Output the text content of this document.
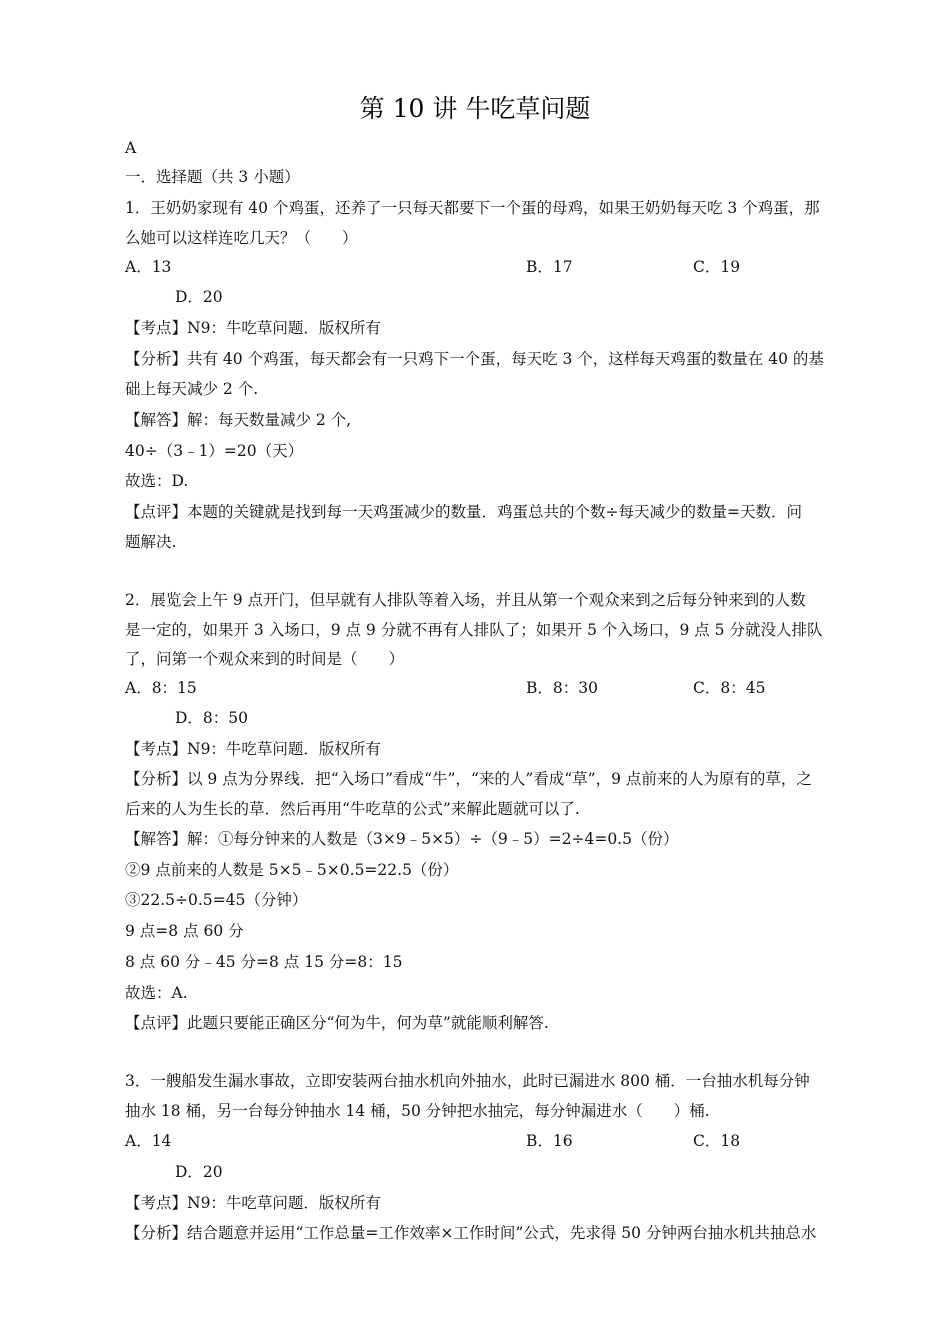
第 10 讲 牛吃草问题
A
一．选择题（共 3 小题）
1．王奶奶家现有 40 个鸡蛋，还养了一只每天都要下一个蛋的母鸡，如果王奶奶每天吃 3 个鸡蛋，那
么她可以这样连吃几天？（　　）
A．13	B．17	C．19
D．20
【考点】N9：牛吃草问题．版权所有
【分析】共有 40 个鸡蛋，每天都会有一只鸡下一个蛋，每天吃 3 个，这样每天鸡蛋的数量在 40 的基
础上每天减少 2 个.
【解答】解：每天数量减少 2 个,
40÷（3﹣1）=20（天）
故选：D.
【点评】本题的关键就是找到每一天鸡蛋减少的数量．鸡蛋总共的个数÷每天减少的数量=天数．问
题解决.
2．展览会上午 9 点开门，但早就有人排队等着入场，并且从第一个观众来到之后每分钟来到的人数
是一定的，如果开 3 入场口，9 点 9 分就不再有人排队了；如果开 5 个入场口，9 点 5 分就没人排队
了，问第一个观众来到的时间是（　　）
A．8：15	B．8：30	C．8：45
D．8：50
【考点】N9：牛吃草问题．版权所有
【分析】以 9 点为分界线．把“入场口”看成“牛”，“来的人”看成“草”，9 点前来的人为原有的草，之
后来的人为生长的草．然后再用“牛吃草的公式”来解此题就可以了.
【解答】解：①每分钟来的人数是（3×9﹣5×5）÷（9﹣5）=2÷4=0.5（份）
②9 点前来的人数是 5×5﹣5×0.5=22.5（份）
③22.5÷0.5=45（分钟）
9 点=8 点 60 分
8 点 60 分﹣45 分=8 点 15 分=8：15
故选：A.
【点评】此题只要能正确区分“何为牛，何为草”就能顺利解答.
3．一艘船发生漏水事故，立即安装两台抽水机向外抽水，此时已漏进水 800 桶．一台抽水机每分钟
抽水 18 桶，另一台每分钟抽水 14 桶，50 分钟把水抽完，每分钟漏进水（　　）桶.
A．14	B．16	C．18
D．20
【考点】N9：牛吃草问题．版权所有
【分析】结合题意并运用“工作总量=工作效率×工作时间”公式，先求得 50 分钟两台抽水机共抽总水
